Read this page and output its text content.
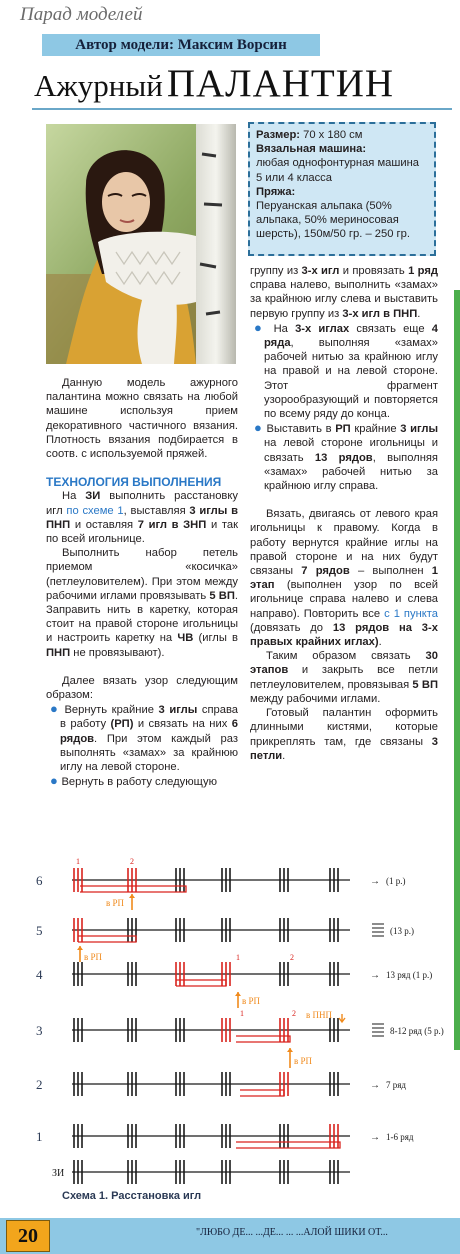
Парад моделей
Автор модели: Максим Ворсин
Ажурный ПАЛАНТИН
Размер: 70 х 180 см
Вязальная машина:
любая однофонтурная машина 5 или 4 класса
Пряжа:
Перуанская альпака (50% альпака, 50% мериносовая шерсть), 150м/50 гр. – 250 гр.

Данную модель ажурного палантина можно связать на любой машине используя прием декоративного частичного вязания. Плотность вязания подбирается в соотв. с используемой пряжей.

ТЕХНОЛОГИЯ ВЫПОЛНЕНИЯ

На ЗИ выполнить расстановку игл по схеме 1, выставляя 3 иглы в ПНП и оставляя 7 игл в ЗНП и так по всей игольнице.

Выполнить набор петель приемом «косичка» (петлеуловителем). При этом между рабочими иглами провязывать 5 ВП. Заправить нить в каретку, которая стоит на правой стороне игольницы и настроить каретку на ЧВ (иглы в ПНП не провязывают).

Далее вязать узор следующим образом:

● Вернуть крайние 3 иглы справа в работу (РП) и связать на них 6 рядов. При этом каждый раз выполнять «замах» за крайнюю иглу на левой стороне.

● Вернуть в работу следующую

группу из 3-х игл и провязать 1 ряд справа налево, выполнить «замах» за крайнюю иглу слева и выставить первую группу из 3-х игл в ПНП.

● На 3-х иглах связать еще 4 ряда, выполняя «замах» рабочей нитью за крайнюю иглу на правой и на левой стороне. Этот фрагмент узорообразующий и повторяется по всему ряду до конца.

● Выставить в РП крайние 3 иглы на левой стороне игольницы и связать 13 рядов, выполняя «замах» рабочей нитью за крайнюю иглу справа.

Вязать, двигаясь от левого края игольницы к правому. Когда в работу вернутся крайние иглы на правой стороне и на них будут связаны 7 рядов – выполнен 1 этап (выполнен узор по всей игольнице справа налево и слева направо). Повторить все с 1 пункта (довязать до 13 рядов на 3-х правых крайних иглах).

Таким образом связать 30 этапов и закрыть все петли петлеуловителем, провязывая 5 ВП между рабочими иглами.

Готовый палантин оформить длинными кистями, которые прикреплять там, где связаны 3 петли.

6	→ (1 р.)
5	(13 р.)
4	→ 13 ряд (1 р.)
3	8-12 ряд (5 р.)
2	→ 7 ряд
1	→ 1-6 ряд
1	2
1	2
1	2
в РП
в РП
в РП
в РП
в ПНП
ЗИ
Схема 1. Расстановка игл
20	"ЛЮБО ДЕ... ...ДЕ... ... ...АЛОЙ ШИКИ ОТ...
